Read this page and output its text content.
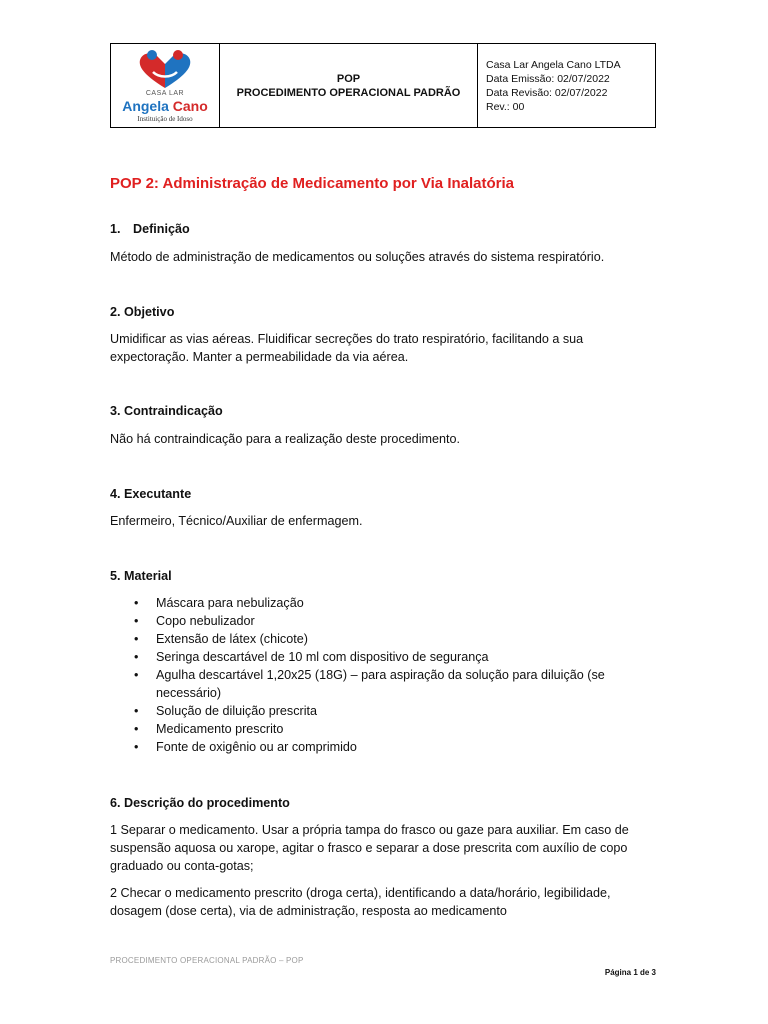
CASA LAR
Angela Cano
Instituição de Idoso
POP
PROCEDIMENTO OPERACIONAL PADRÃO
Casa Lar Angela Cano LTDA
Data Emissão: 02/07/2022
Data Revisão: 02/07/2022
Rev.: 00
POP 2: Administração de Medicamento por Via Inalatória
1. Definição
Método de administração de medicamentos ou soluções através do sistema respiratório.
2. Objetivo
Umidificar as vias aéreas. Fluidificar secreções do trato respiratório, facilitando a sua
expectoração. Manter a permeabilidade da via aérea.
3. Contraindicação
Não há contraindicação para a realização deste procedimento.
4. Executante
Enfermeiro, Técnico/Auxiliar de enfermagem.
5. Material
• Máscara para nebulização
• Copo nebulizador
• Extensão de látex (chicote)
• Seringa descartável de 10 ml com dispositivo de segurança
• Agulha descartável 1,20x25 (18G) – para aspiração da solução para diluição (se
necessário)
• Solução de diluição prescrita
• Medicamento prescrito
• Fonte de oxigênio ou ar comprimido
6. Descrição do procedimento
1 Separar o medicamento. Usar a própria tampa do frasco ou gaze para auxiliar. Em caso de
suspensão aquosa ou xarope, agitar o frasco e separar a dose prescrita com auxílio de copo
graduado ou conta-gotas;
2 Checar o medicamento prescrito (droga certa), identificando a data/horário, legibilidade,
dosagem (dose certa), via de administração, resposta ao medicamento
PROCEDIMENTO OPERACIONAL PADRÃO – POP
Página 1 de 3
